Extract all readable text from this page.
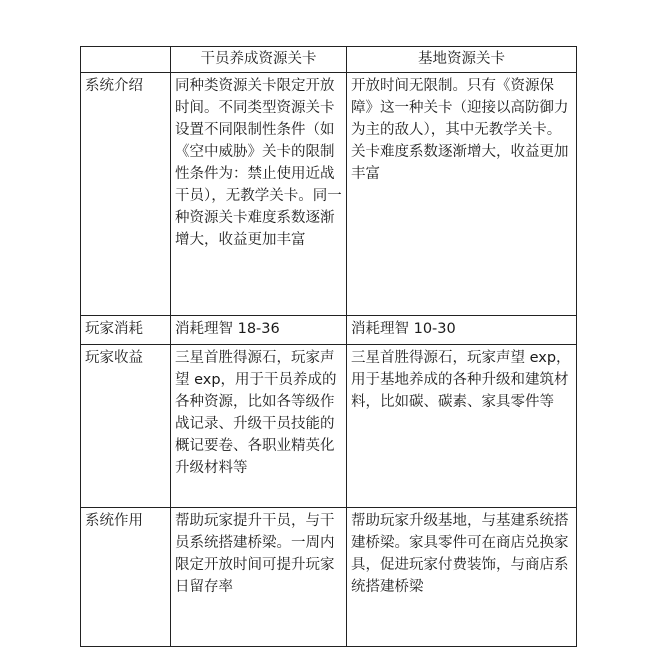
	干员养成资源关卡	基地资源关卡
系统介绍	同种类资源关卡限定开放时间。不同类型资源关卡设置不同限制性条件（如《空中威胁》关卡的限制性条件为：禁止使用近战干员），无教学关卡。同一种资源关卡难度系数逐渐增大，收益更加丰富	开放时间无限制。只有《资源保障》这一种关卡（迎接以高防御力为主的敌人），其中无教学关卡。关卡难度系数逐渐增大，收益更加丰富
玩家消耗	消耗理智 18-36	消耗理智 10-30
玩家收益	三星首胜得源石，玩家声望 exp，用于干员养成的各种资源，比如各等级作战记录、升级干员技能的概记要卷、各职业精英化升级材料等	三星首胜得源石，玩家声望 exp，用于基地养成的各种升级和建筑材料，比如碳、碳素、家具零件等
系统作用	帮助玩家提升干员，与干员系统搭建桥梁。一周内限定开放时间可提升玩家日留存率	帮助玩家升级基地，与基建系统搭建桥梁。家具零件可在商店兑换家具，促进玩家付费装饰，与商店系统搭建桥梁
